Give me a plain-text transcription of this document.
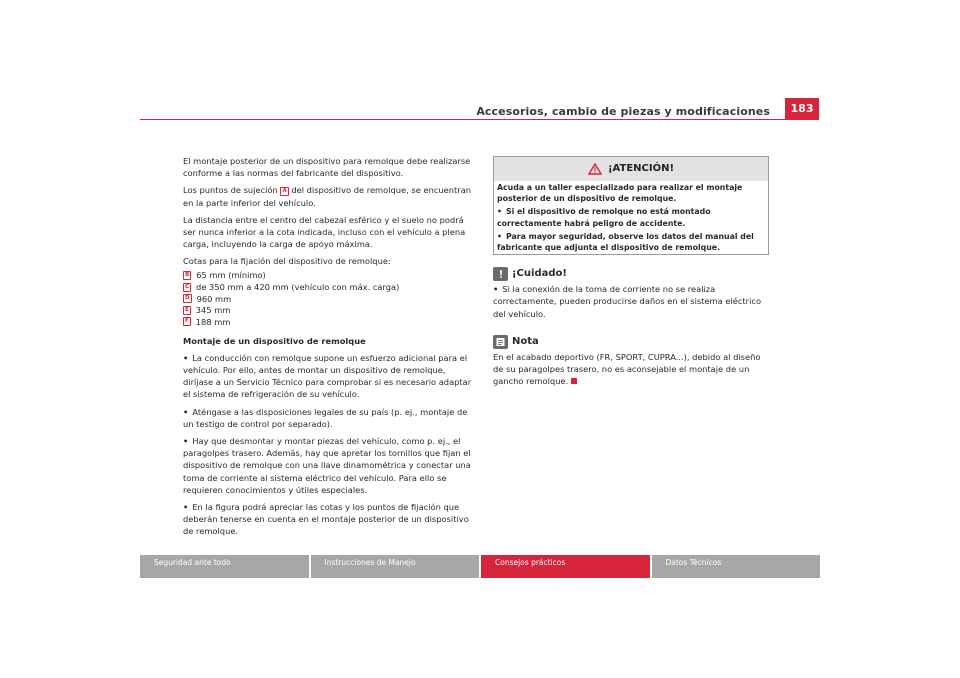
Accesorios, cambio de piezas y modificaciones	183

El montaje posterior de un dispositivo para remolque debe realizarse conforme a las normas del fabricante del dispositivo.

Los puntos de sujeción A del dispositivo de remolque, se encuentran en la parte inferior del vehículo.

La distancia entre el centro del cabezal esférico y el suelo no podrá ser nunca inferior a la cota indicada, incluso con el vehículo a plena carga, incluyendo la carga de apoyo máxima.

Cotas para la fijación del dispositivo de remolque:

B 65 mm (mínimo)
C de 350 mm a 420 mm (vehículo con máx. carga)
D 960 mm
E 345 mm
F 188 mm

Montaje de un dispositivo de remolque

• La conducción con remolque supone un esfuerzo adicional para el vehículo. Por ello, antes de montar un dispositivo de remolque, diríjase a un Servicio Técnico para comprobar si es necesario adaptar el sistema de refrigeración de su vehículo.

• Aténgase a las disposiciones legales de su país (p. ej., montaje de un testigo de control por separado).

• Hay que desmontar y montar piezas del vehículo, como p. ej., el paragolpes trasero. Además, hay que apretar los tornillos que fijan el dispositivo de remolque con una llave dinamométrica y conectar una toma de corriente al sistema eléctrico del vehículo. Para ello se requieren conocimientos y útiles especiales.

• En la figura podrá apreciar las cotas y los puntos de fijación que deberán tenerse en cuenta en el montaje posterior de un dispositivo de remolque.

¡ATENCIÓN!

Acuda a un taller especializado para realizar el montaje posterior de un dispositivo de remolque.

• Si el dispositivo de remolque no está montado correctamente habrá peligro de accidente.

• Para mayor seguridad, observe los datos del manual del fabricante que adjunta el dispositivo de remolque.

¡Cuidado!

• Si la conexión de la toma de corriente no se realiza correctamente, pueden producirse daños en el sistema eléctrico del vehículo.

Nota

En el acabado deportivo (FR, SPORT, CUPRA...), debido al diseño de su paragolpes trasero, no es aconsejable el montaje de un gancho remolque.

Seguridad ante todo	Instrucciones de Manejo	Consejos prácticos	Datos Técnicos
